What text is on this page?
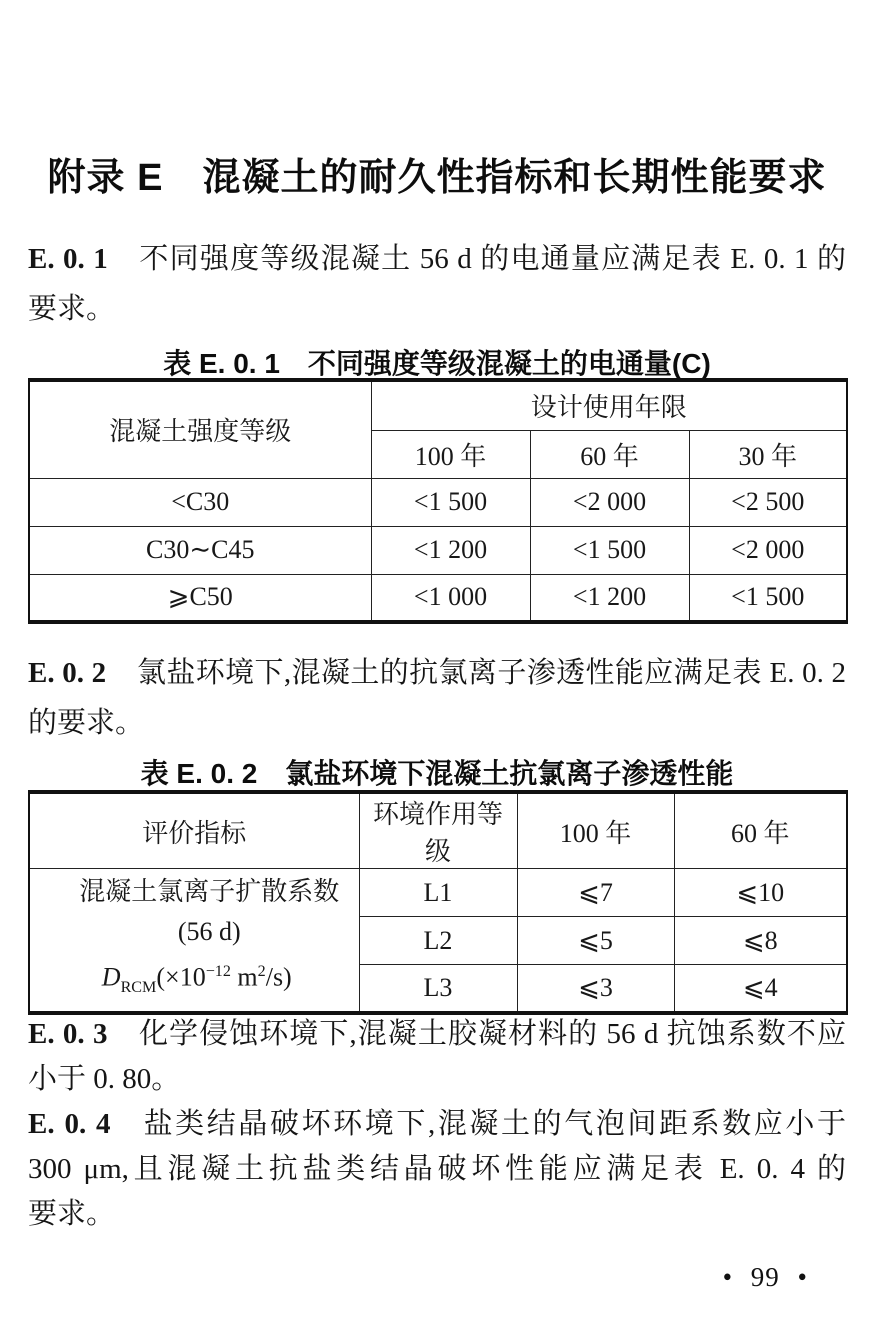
附录 E　混凝土的耐久性指标和长期性能要求
E. 0. 1 不同强度等级混凝土 56 d 的电通量应满足表 E. 0. 1 的
要求。
表 E. 0. 1　不同强度等级混凝土的电通量(C)
混凝土强度等级	设计使用年限		
	100 年	60 年	30 年
<C30	<1 500	<2 000	<2 500
C30∼C45	<1 200	<1 500	<2 000
⩾C50	<1 000	<1 200	<1 500
E. 0. 2 氯盐环境下,混凝土的抗氯离子渗透性能应满足表 E. 0. 2
的要求。
表 E. 0. 2　氯盐环境下混凝土抗氯离子渗透性能
评价指标	环境作用等级	100 年	60 年

混凝土氯离子扩散系数(56 d)
$D_{RCM}(\times 10^{-12}$ $m^2/s$)	L1	⩽7	⩽10
	L2	⩽5	⩽8
	L3	⩽3	⩽4
E. 0. 3 化学侵蚀环境下,混凝土胶凝材料的 56 d 抗蚀系数不应
小于 0. 80。
E. 0. 4 盐类结晶破坏环境下,混凝土的气泡间距系数应小于
300 μm,且混凝土抗盐类结晶破坏性能应满足表 E. 0. 4 的
要求。
• 99 •
